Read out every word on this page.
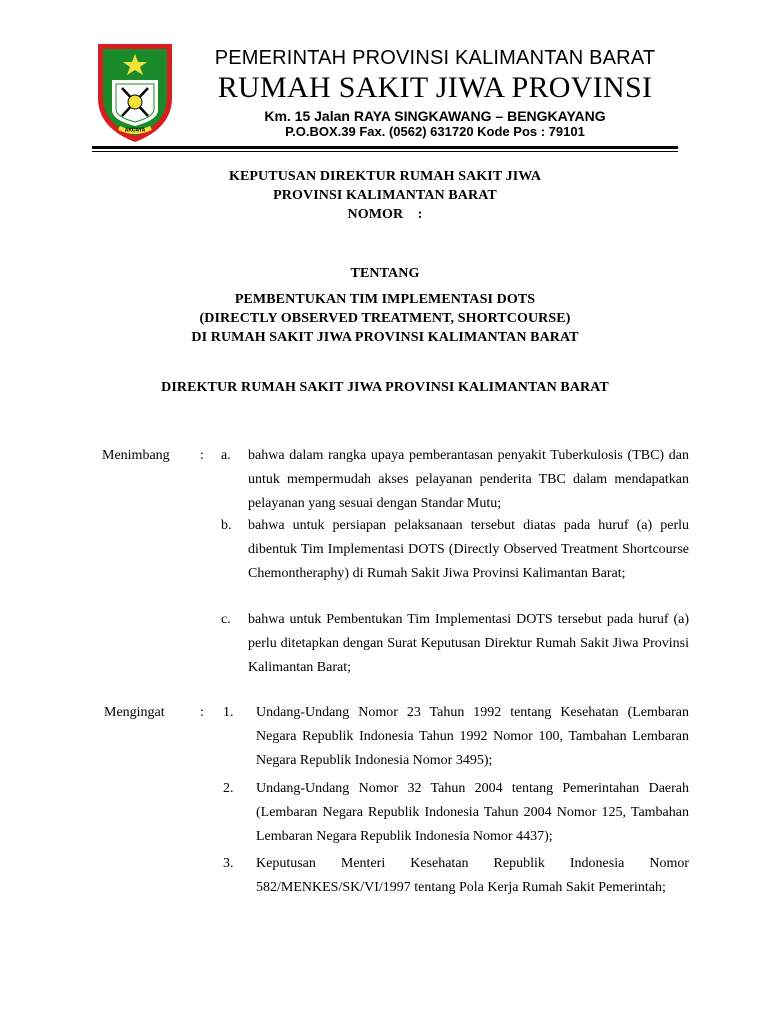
AKCAYA
PEMERINTAH PROVINSI KALIMANTAN BARAT
RUMAH SAKIT JIWA PROVINSI
Km. 15 Jalan RAYA SINGKAWANG – BENGKAYANG
P.O.BOX.39 Fax. (0562) 631720 Kode Pos : 79101
KEPUTUSAN DIREKTUR RUMAH SAKIT JIWA
PROVINSI KALIMANTAN BARAT
NOMOR    :
TENTANG
PEMBENTUKAN TIM IMPLEMENTASI DOTS
(DIRECTLY OBSERVED TREATMENT, SHORTCOURSE)
DI RUMAH SAKIT JIWA PROVINSI KALIMANTAN BARAT
DIREKTUR RUMAH SAKIT JIWA PROVINSI KALIMANTAN BARAT
Menimbang : a. bahwa dalam rangka upaya pemberantasan penyakit Tuberkulosis (TBC) dan untuk mempermudah akses pelayanan penderita TBC dalam mendapatkan pelayanan yang sesuai dengan Standar Mutu;
b. bahwa untuk persiapan pelaksanaan tersebut diatas pada huruf (a) perlu dibentuk Tim Implementasi DOTS (Directly Observed Treatment Shortcourse Chemontheraphy) di Rumah Sakit Jiwa Provinsi Kalimantan Barat;
c. bahwa untuk Pembentukan Tim Implementasi DOTS tersebut pada huruf (a) perlu ditetapkan dengan Surat Keputusan Direktur Rumah Sakit Jiwa Provinsi Kalimantan Barat;
Mengingat	: 1. Undang-Undang Nomor 23 Tahun 1992 tentang Kesehatan (Lembaran Negara Republik Indonesia Tahun 1992 Nomor 100, Tambahan Lembaran Negara Republik Indonesia Nomor 3495);
2. Undang-Undang Nomor 32 Tahun 2004 tentang Pemerintahan Daerah (Lembaran Negara Republik Indonesia Tahun 2004 Nomor 125, Tambahan Lembaran Negara Republik Indonesia Nomor 4437);
3. Keputusan Menteri Kesehatan Republik Indonesia Nomor 582/MENKES/SK/VI/1997 tentang Pola Kerja Rumah Sakit Pemerintah;
